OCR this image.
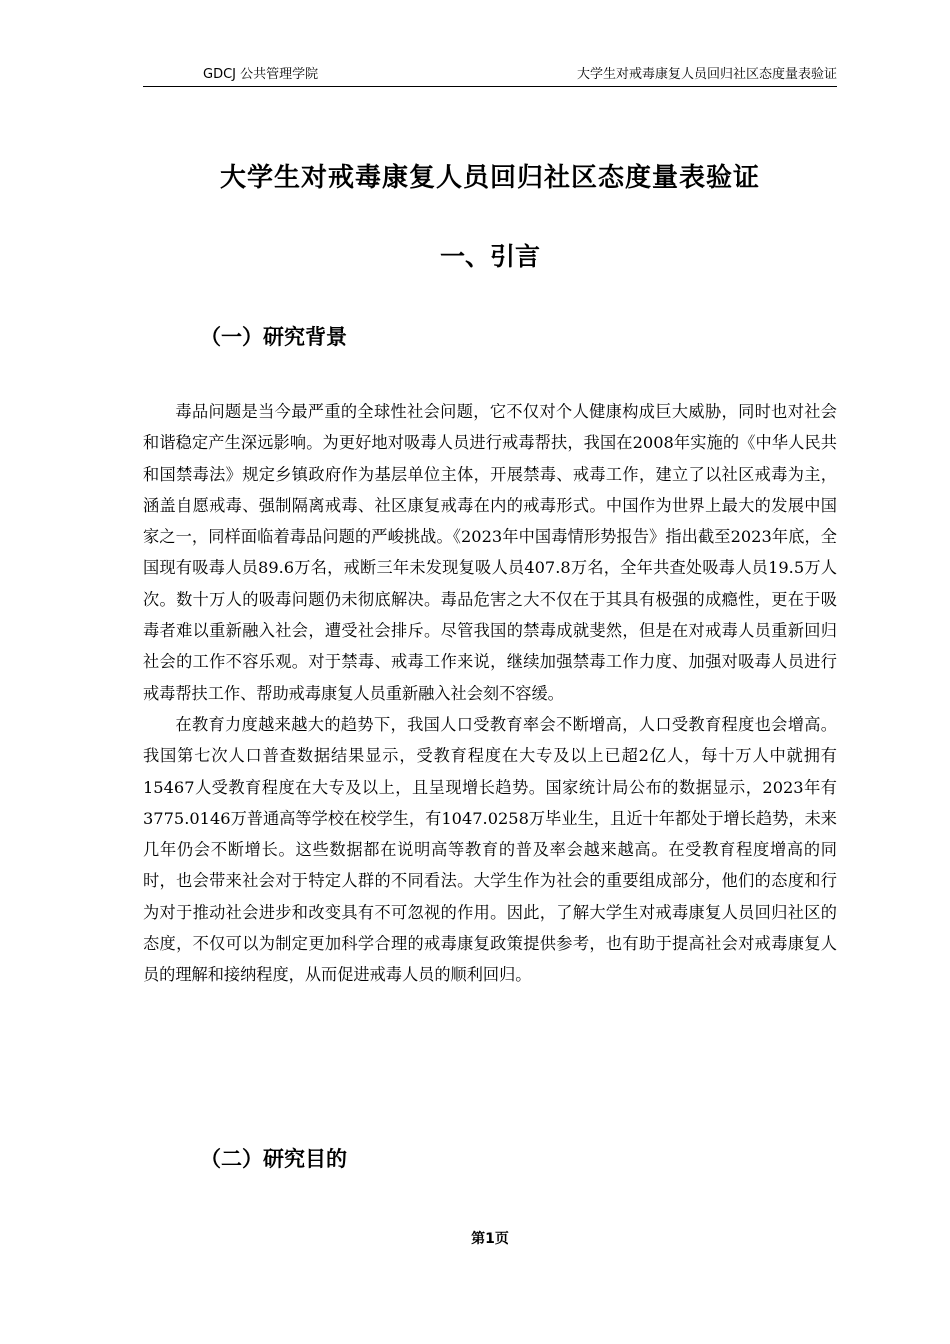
GDCJ 公共管理学院	大学生对戒毒康复人员回归社区态度量表验证
大学生对戒毒康复人员回归社区态度量表验证
一、引言
（一）研究背景

毒品问题是当今最严重的全球性社会问题，它不仅对个人健康构成巨大威胁，同时也对社会和谐稳定产生深远影响。为更好地对吸毒人员进行戒毒帮扶，我国在2008年实施的《中华人民共和国禁毒法》规定乡镇政府作为基层单位主体，开展禁毒、戒毒工作，建立了以社区戒毒为主，涵盖自愿戒毒、强制隔离戒毒、社区康复戒毒在内的戒毒形式。中国作为世界上最大的发展中国家之一，同样面临着毒品问题的严峻挑战。《2023年中国毒情形势报告》指出截至2023年底，全国现有吸毒人员89.6万名，戒断三年未发现复吸人员407.8万名，全年共查处吸毒人员19.5万人次。数十万人的吸毒问题仍未彻底解决。毒品危害之大不仅在于其具有极强的成瘾性，更在于吸毒者难以重新融入社会，遭受社会排斥。尽管我国的禁毒成就斐然，但是在对戒毒人员重新回归社会的工作不容乐观。对于禁毒、戒毒工作来说，继续加强禁毒工作力度、加强对吸毒人员进行戒毒帮扶工作、帮助戒毒康复人员重新融入社会刻不容缓。

在教育力度越来越大的趋势下，我国人口受教育率会不断增高，人口受教育程度也会增高。我国第七次人口普查数据结果显示，受教育程度在大专及以上已超2亿人，每十万人中就拥有15467人受教育程度在大专及以上，且呈现增长趋势。国家统计局公布的数据显示，2023年有3775.0146万普通高等学校在校学生，有1047.0258万毕业生，且近十年都处于增长趋势，未来几年仍会不断增长。这些数据都在说明高等教育的普及率会越来越高。在受教育程度增高的同时，也会带来社会对于特定人群的不同看法。大学生作为社会的重要组成部分，他们的态度和行为对于推动社会进步和改变具有不可忽视的作用。因此，了解大学生对戒毒康复人员回归社区的态度，不仅可以为制定更加科学合理的戒毒康复政策提供参考，也有助于提高社会对戒毒康复人员的理解和接纳程度，从而促进戒毒人员的顺利回归。

（二）研究目的
第1页
